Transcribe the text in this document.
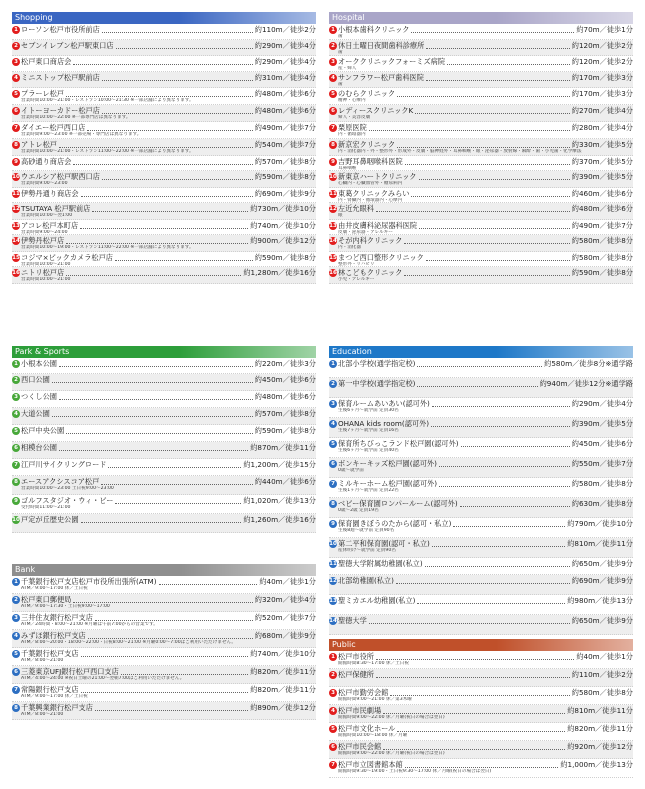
Shopping
1 ローソン松戸市役所前店	約110m／徒歩2分
2 セブンイレブン松戸駅東口店	約290m／徒歩4分
3 松戸東口商店会	約290m／徒歩4分
4 ミニストップ松戸駅前店	約310m／徒歩4分
5 プラーレ松戸	約480m／徒歩6分
営業時間10:00〜21:00・レストラン10:00〜21:30 ※一部店舗により異なります。
6 イトーヨーカドー松戸店	約480m／徒歩6分
営業時間10:00〜22:00 ※一部専門店は異なります。
7 ダイエー松戸西口店	約490m／徒歩7分
営業時間9:00〜23:00 ※一部売場・専門店は異なります。
8 アトレ松戸	約540m／徒歩7分
営業時間10:00〜21:00・レストラン11:00〜22:00 ※一部店舗により異なります。
9 高砂通り商店会	約570m／徒歩8分
10 ウエルシア松戸駅西口店	約590m／徒歩8分
営業時間9:00〜23:00
11 伊勢丹通り商店会	約690m／徒歩9分
12 TSUTAYA 松戸駅前店	約730m／徒歩10分
営業時間10:00〜翌1:00
13 アコレ松戸本町店	約740m／徒歩10分
営業時間9:00〜24:00
14 伊勢丹松戸店	約900m／徒歩12分
営業時間10:00〜19:00・レストラン11:00〜22:00 ※一部店舗により異なります。
15 コジマ×ビックカメラ松戸店	約590m／徒歩8分
営業時間10:00〜21:00
16 ニトリ松戸店	約1,280m／徒歩16分
営業時間10:00〜21:00
Hospital
1 小根本歯科クリニック	約70m／徒歩1分
歯
2 休日土曜日夜間歯科診療所	約120m／徒歩2分
歯
3 オーククリニックフォーミズ病院	約120m／徒歩2分
産・婦人
4 サンフラワー松戸歯科医院	約170m／徒歩3分
歯
5 のむらクリニック	約170m／徒歩3分
精神・心療内
6 レディースクリニックK	約270m／徒歩4分
婦人・美容皮膚
7 栗原医院	約280m／徒歩4分
内・循環器内
8 新京宏クリニック	約330m／徒歩5分
内・消化器内・外・整形外・形成外・皮膚・脳神経外・耳鼻咽喉・眼・泌尿器・放射線・麻酔・歯・小児歯・化学療法
9 吉野耳鼻咽喉科医院	約370m／徒歩5分
耳鼻咽喉
10 新東京ハートクリニック	約390m／徒歩5分
心臓内・心臓血管外・糖尿病内
11 東葛クリニックみらい	約460m／徒歩6分
内・腎臓内・循環器内・心療内
12 左近允眼科	約480m／徒歩6分
眼
13 由井皮膚科泌尿器科医院	約490m／徒歩7分
皮膚・泌尿器・アレルギー
14 そが内科クリニック	約580m／徒歩8分
内・消化器
15 まつど西口整形クリニック	約580m／徒歩8分
整形外・リハビリ
16 林こどもクリニック	約590m／徒歩8分
小児・アレルギー
Park & Sports
1 小根本公園	約220m／徒歩3分
2 西口公園	約450m／徒歩6分
3 つくし公園	約480m／徒歩6分
4 大道公園	約570m／徒歩8分
5 松戸中央公園	約590m／徒歩8分
6 相模台公園	約870m／徒歩11分
7 江戸川サイクリングロード	約1,200m／徒歩15分
8 エースアクシスコア松戸	約440m／徒歩6分
営業時間10:00〜23:00 土日祝9:00〜23:00
9 ゴルフスタジオ・ウィ・ビー	約1,020m／徒歩13分
受付時間11:00〜21:00
10 戸定が丘歴史公園	約1,260m／徒歩16分
Education
1 北部小学校(通学指定校)	約580m／徒歩8分※通学路
2 第一中学校(通学指定校)	約940m／徒歩12分※通学路
3 保育ルームあいあい(認可外)	約290m／徒歩4分
生後6ヶ月〜就学前 定員30名
4 OHANA kids room(認可外)	約390m／徒歩5分
生後7ヶ月〜就学前 定員16名
5 保育所ちびっこランド松戸園(認可外)	約450m／徒歩6分
生後6ヶ月〜就学前 定員40名
6 ボンキーキッズ松戸園(認可外)	約550m／徒歩7分
0歳〜就学前
7 ミルキーホーム松戸園(認可外)	約580m／徒歩8分
生後1ヶ月〜就学前 定員22名
8 ベビー保育園ロンパールーム(認可外)	約630m／徒歩8分
0歳〜2歳 定員19名
9 保育園きぼうのたから(認可・私立)	約790m／徒歩10分
生後8週〜就学前 定員90名
10 第二平和保育園(認可・私立)	約810m／徒歩11分
産休明け〜就学前 定員90名
11 聖徳大学附属幼稚園(私立)	約650m／徒歩9分
12 北部幼稚園(私立)	約690m／徒歩9分
13 聖ミカエル幼稚園(私立)	約980m／徒歩13分
14 聖徳大学	約650m／徒歩9分
Bank
1 千葉銀行松戸支店松戸市役所出張所(ATM)	約40m／徒歩1分
ATM／9:00〜17:00 休／土日祝
2 松戸東口郵便局	約320m／徒歩4分
ATM／9:00〜17:30・土日祝9:00〜17:00
3 三井住友銀行松戸支店	約520m／徒歩7分
ATM／24時間・8:00〜21:00 ※月曜は午前7:00からの営業です。
4 みずほ銀行松戸支店	約680m／徒歩9分
ATM／8:00〜20:00・18:00〜22:00・日祝8:00〜21:00 ※月曜0:00〜7:00はご利用いただけません。
5 千葉銀行松戸支店	約740m／徒歩10分
ATM／8:00〜21:00
6 三菱東京UFJ銀行松戸西口支店	約820m／徒歩11分
ATM／4:00〜24:00 ※祝日土曜の21:00〜翌朝7:00はご利用いただけません。
7 常陽銀行松戸支店	約820m／徒歩11分
ATM／9:00〜17:00 休／土日祝
8 千葉興業銀行松戸支店	約890m／徒歩12分
ATM／8:00〜21:00
Public
1 松戸市役所	約40m／徒歩1分
開館時間8:30〜17:00 休／土日祝
2 松戸保健所	約110m／徒歩2分
3 松戸市勤労会館	約580m／徒歩8分
開館時間9:00〜21:00 休／第3木曜
4 松戸市民劇場	約810m／徒歩11分
開館時間9:00〜22:00 休／月曜(祝日の場合は翌日)
5 松戸市文化ホール	約820m／徒歩11分
開館時間10:00〜18:00 休／月曜
6 松戸市民会館	約920m／徒歩12分
開館時間9:00〜22:00 休／月曜(祝日の場合は翌日)
7 松戸市立図書館本館	約1,000m／徒歩13分
開館時間9:30〜19:00・土日祝9:30〜17:00 休／月曜(祝日の場合は翌日)
